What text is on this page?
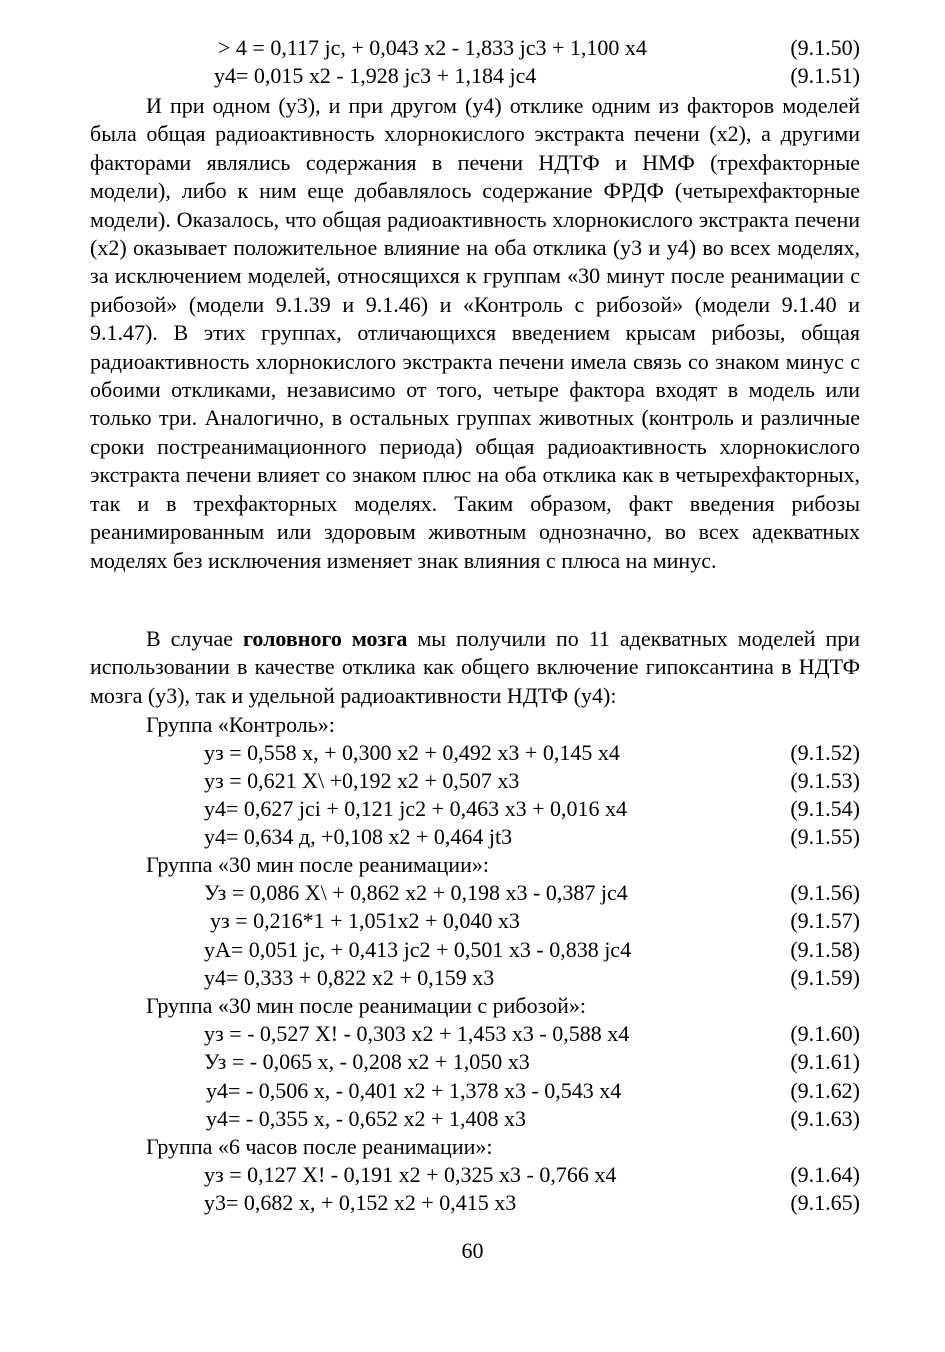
> 4 = 0,117 jc, + 0,043 x2 - 1,833 jc3 + 1,100 x4	(9.1.50)
y4= 0,015 x2 - 1,928 jc3 + 1,184 jc4	(9.1.51)

И при одном (у3), и при другом (у4) отклике одним из факторов моделей была общая радиоактивность хлорнокислого экстракта печени (х2), а другими факторами являлись содержания в печени НДТФ и НМФ (трехфакторные модели), либо к ним еще добавлялось содержание ФРДФ (четырехфакторные модели). Оказалось, что общая радиоактивность хлорнокислого экстракта печени (х2) оказывает положительное влияние на оба отклика (у3 и у4) во всех моделях, за исключением моделей, относящихся к группам «30 минут после реанимации с рибозой» (модели 9.1.39 и 9.1.46) и «Контроль с рибозой» (модели 9.1.40 и 9.1.47). В этих группах, отличающихся введением крысам рибозы, общая радиоактивность хлорнокислого экстракта печени имела связь со знаком минус с обоими откликами, независимо от того, четыре фактора входят в модель или только три. Аналогично, в остальных группах животных (контроль и различные сроки постреанимационного периода) общая радиоактивность хлорнокислого экстракта печени влияет со знаком плюс на оба отклика как в четырехфакторных, так и в трехфакторных моделях. Таким образом, факт введения рибозы реанимированным или здоровым животным однозначно, во всех адекватных моделях без исключения изменяет знак влияния с плюса на минус.

В случае головного мозга мы получили по 11 адекватных моделей при использовании в качестве отклика как общего включение гипоксантина в НДТФ мозга (у3), так и удельной радиоактивности НДТФ (у4):

Группа «Контроль»:
уз = 0,558 х, + 0,300 х2 + 0,492 х3 + 0,145 х4	(9.1.52)
уз = 0,621 Х\ +0,192 х2 + 0,507 х3	(9.1.53)
у4= 0,627 jci + 0,121 jc2 + 0,463 х3 + 0,016 х4	(9.1.54)
у4= 0,634 д, +0,108 х2 + 0,464 jt3	(9.1.55)
Группа «30 мин после реанимации»:
Уз = 0,086 Х\ + 0,862 х2 + 0,198 х3 - 0,387 jc4	(9.1.56)
уз = 0,216*1 + 1,051х2 + 0,040 х3	(9.1.57)
уА= 0,051 jc, + 0,413 jc2 + 0,501 х3 - 0,838 jc4	(9.1.58)
у4= 0,333 + 0,822 х2 + 0,159 х3	(9.1.59)
Группа «30 мин после реанимации с рибозой»:
уз = - 0,527 Х! - 0,303 х2 + 1,453 х3 - 0,588 х4	(9.1.60)
Уз = - 0,065 х, - 0,208 х2 + 1,050 х3	(9.1.61)
у4= - 0,506 х, - 0,401 х2 + 1,378 х3 - 0,543 х4	(9.1.62)
у4= - 0,355 х, - 0,652 х2 + 1,408 х3	(9.1.63)
Группа «6 часов после реанимации»:
уз = 0,127 Х! - 0,191 х2 + 0,325 х3 - 0,766 х4	(9.1.64)
у3= 0,682 х, + 0,152 х2 + 0,415 х3	(9.1.65)
60
